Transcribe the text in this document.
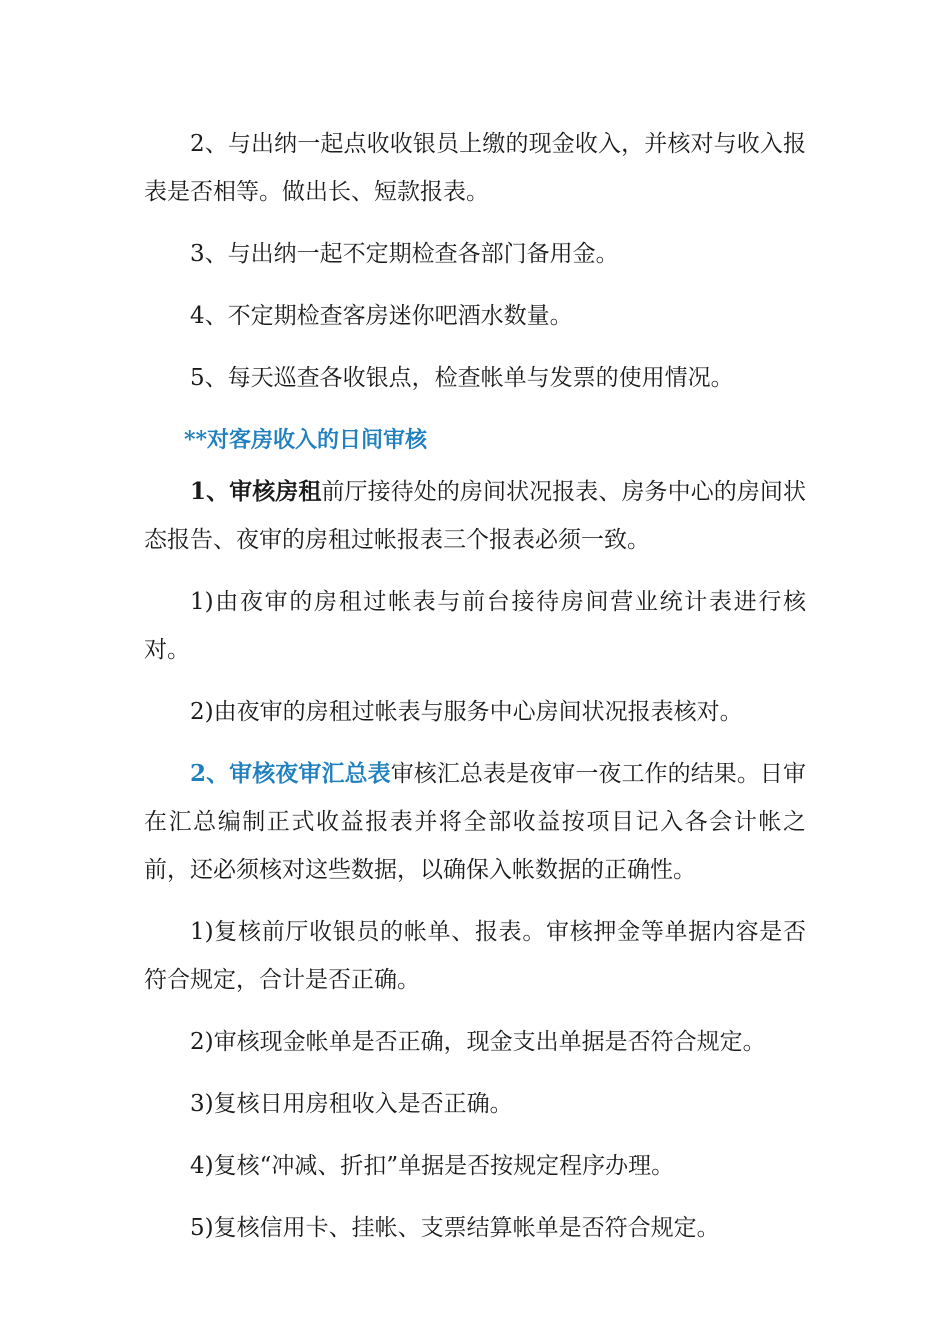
2、与出纳一起点收收银员上缴的现金收入，并核对与收入报表是否相等。做出长、短款报表。

3、与出纳一起不定期检查各部门备用金。

4、不定期检查客房迷你吧酒水数量。

5、每天巡查各收银点，检查帐单与发票的使用情况。

**对客房收入的日间审核

1、审核房租前厅接待处的房间状况报表、房务中心的房间状态报告、夜审的房租过帐报表三个报表必须一致。

1)由夜审的房租过帐表与前台接待房间营业统计表进行核对。

2)由夜审的房租过帐表与服务中心房间状况报表核对。

2、审核夜审汇总表审核汇总表是夜审一夜工作的结果。日审在汇总编制正式收益报表并将全部收益按项目记入各会计帐之前，还必须核对这些数据，以确保入帐数据的正确性。

1)复核前厅收银员的帐单、报表。审核押金等单据内容是否符合规定，合计是否正确。

2)审核现金帐单是否正确，现金支出单据是否符合规定。

3)复核日用房租收入是否正确。

4)复核“冲减、折扣”单据是否按规定程序办理。

5)复核信用卡、挂帐、支票结算帐单是否符合规定。
